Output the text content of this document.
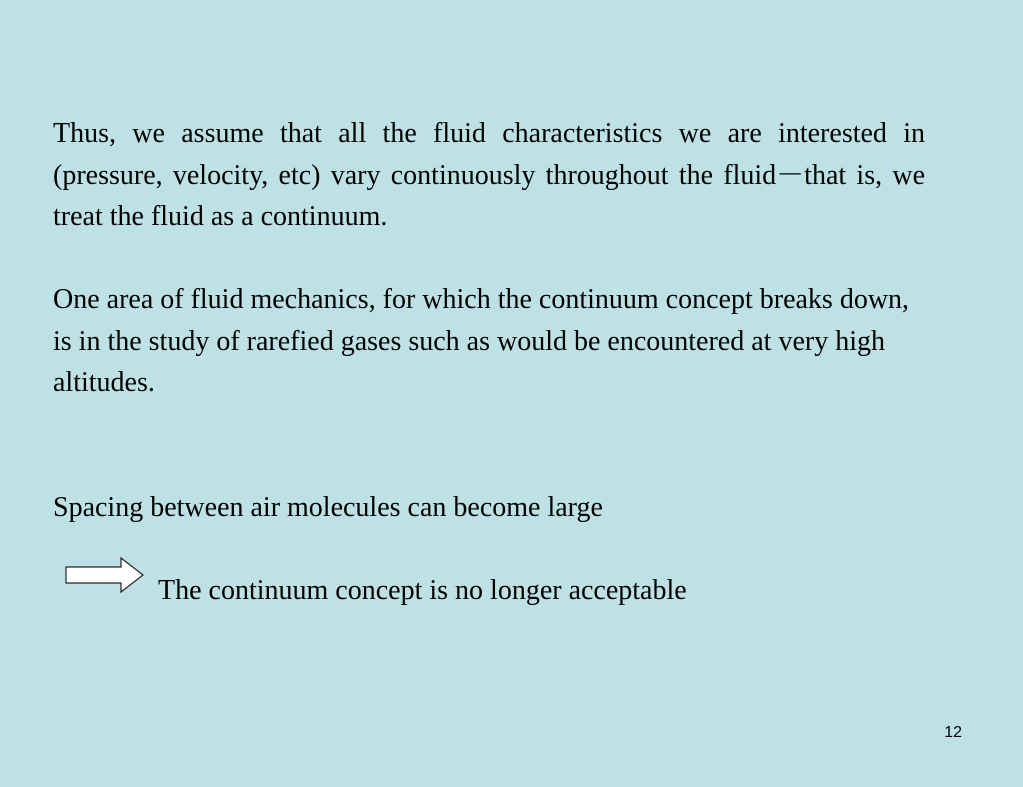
Thus, we assume that all the fluid characteristics we are interested in (pressure, velocity, etc) vary continuously throughout the fluid－that is, we treat the fluid as a continuum.

One area of fluid mechanics, for which the continuum concept breaks down, is in the study of rarefied gases such as would be encountered at very high altitudes.

Spacing between air molecules can become large

The continuum concept is no longer acceptable

12
